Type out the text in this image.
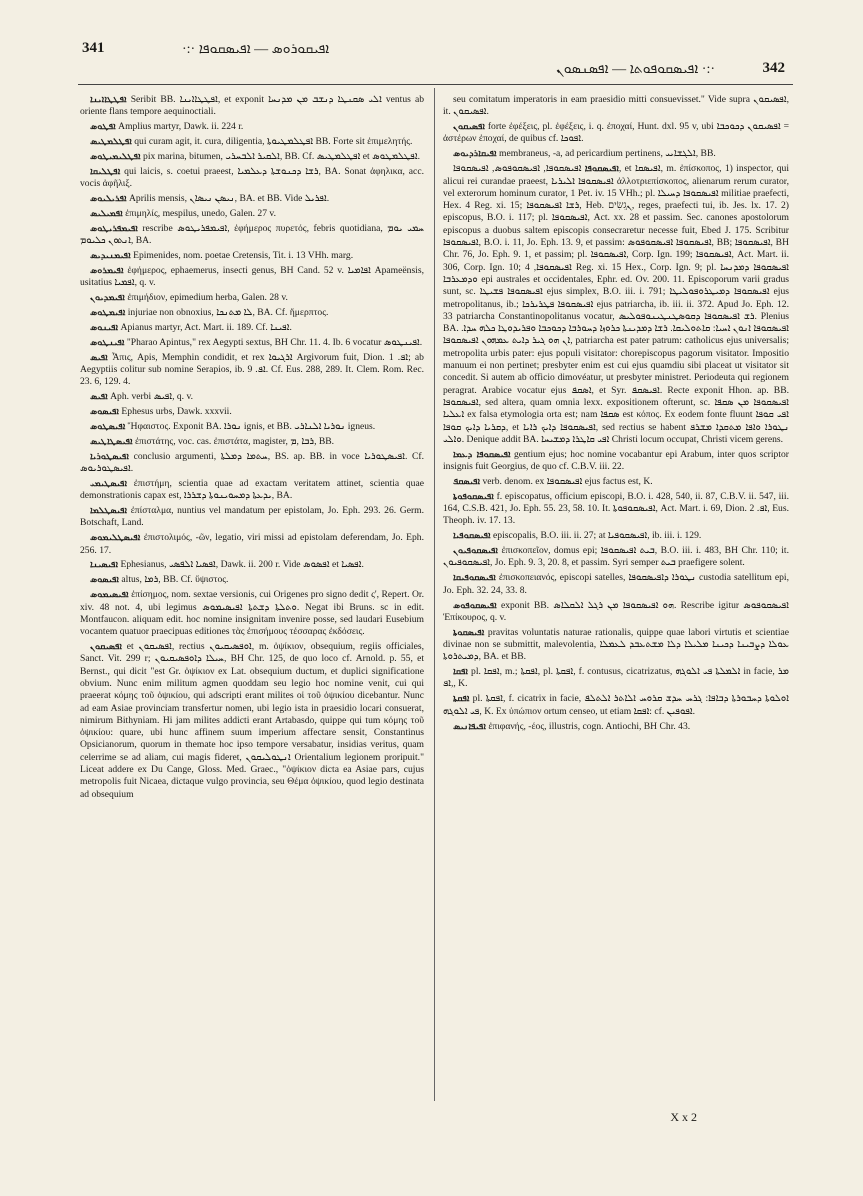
341	·:· ܐܦܝܩܘܪܘܣ — ܐܦܝܣܩܘܦܐ
ܐܦܝܣܩܘܦܘܬܐ — ܐܦܣܢܣܘܢ ·:·	342

ܐܦܛܛܐܐܝܢܐ Seribit BB. ܐܦܛܛܐܐܝܢܐ, et exponit ܐܠܝ ܣܩܢܛܐ ܕܢܫܒ ܡܢ ܡܕܢܚܐ ventus ab oriente flans tempore aequinoctiali.

ܐܦܛܘܣ Amplius martyr, Dawk. ii. 224 r.

ܐܦܛܠܡܛܝܣ qui curam agit, it. cura, diligentia, ܐܦܛܠܡܛܝܘܬܐ BB. Forte sit ἐπιμελητής.

ܐܦܛܠܝܡܝܛܘܣ pix marina, bitumen, ܐܠܩܝܪ ܐܠܒܚܪܝ, BB. Cf. ܐܦܛܠܡܛܝܣ et ܐܦܛܠܡܛܘܣ.

ܐܦܛܠܝܩܐ qui laicis, s. coetui praeest, ܪܫܐ ܕܟܢܘܫܬܐ ܕܥܠܡܝܐ, BA. Sonat ἀφηλικα, acc. vocis ἀφῆλιξ.

ܐܦܪܝܠܝܘܣ Aprilis mensis, ܢܝܣܢ ܢܝܣܐܢ, BA. et BB. Vide ܐܦܪܝܠ.

ܐܦܡܝܠܝܣ ἐπιμηλίς, mespilus, unedo, Galen. 27 v.

ܐܦܝܡܦܪܝܛܘܣ rescribe ܐܦܝܡܦܪܝܛܘܣ, ἐφήμερος πυρετός, febris quotidiana, ܚܡܝ ܝܘܡ ܐܢܬܘܢ ܟܠܝܘܡ, BA.

ܐܦܝܡܢܝܕܝܣ Epimenides, nom. poetae Cretensis, Tit. i. 13 VHh. marg.

ܐܦܝܡܪܘܣ ἐφήμερος, ephaemerus, insecti genus, BH Cand. 52 v. ܐܦܐܡܝܐ Apameënsis, usitatius ܐܦܡܝܐ, q. v.

ܐܦܝܡܕܝܘܢ ἐπιμήδιον, epimedium herba, Galen. 28 v.

ܐܦܝܡܛܘܣ injuriae non obnoxius, ܠܐ ܡܬܢܟܐ, BA. Cf. ἥμερπτος.

ܐܦܝܢܘܣ Apianus martyr, Act. Mart. ii. 189. Cf. ܐܦܝܢܐ.

ܐܦܝܢܛܘܣ "Pharao Apintus," rex Aegypti sextus, BH Chr. 11. 4. Ib. 6 vocatur ܐܦܝܢܛܘܣ.

ܐܦܝܣ Ἆπις, Apis, Memphin condidit, et rex ܐܪܓܝܘܐ Argivorum fuit, Dion. ܐܦ. 1; ab Aegyptiis colitur sub nomine Serapios, ib. ܐܦ. 9. Cf. Eus. 288, 289. It. Clem. Rom. Rec. 23. 6, 129. 4.

ܐܦܝܣ Aph. verbi ܐܦܝܣ, q. v.

ܐܦܝܣܘܣ Ephesus urbs, Dawk. xxxvii.

ܐܦܝܣܛܘܣ Ἥφαιστος. Exponit BA. ܢܘܪܐ ignis, et BB. ܢܘܪܝܐ ܐܠܢܐܪܝ igneus.

ܐܦܝܣܛܐܛܝܣ ἐπιστάτης, voc. cas. ἐπιστάτα, magister, ܪܒܐ ,ܡ, BB.

ܐܦܝܣܛܘܪܝܐ conclusio argumenti, ܚܬܡܐ ܕܡܠܬܐ, BS. ap. BB. in voce ܐܦܝܣܛܘܪܝܐ. Cf. ܐܦܝܣܛܘܪܝܘܣ.

ܐܦܝܣܛܝܡܝ ἐπιστήμη, scientia quae ad exactam veritatem attinet, scientia quae demonstrationis capax est, ܝܕܥܬܐ ܕܡܚܘܝܢܘܬܐ ܕܫܪܪܐ, BA.

ܐܦܝܣܛܠܡܐ ἐπίσταλμα, nuntius vel mandatum per epistolam, Jo. Eph. 293. 26. Germ. Botschaft, Land.

ܐܦܝܣܛܠܝܡܘܣ ἐπιστολιμός, -ῶν, legatio, viri missi ad epistolam deferendam, Jo. Eph. 256. 17.

ܐܦܝܣܝܢܐ Ephesianus, ܐܦܣܝܐ ܐܠܦܣܝ, Dawk. ii. 200 r. Vide ܐܦܣܘܣ et ܐܦܣܝܐ.

ܐܦܝܣܘܣ altus, ܪܡܐ, BB. Cf. ὕψιστος.

ܐܦܝܣܝܡܘܣ ἐπίσημος, nom. sextae versionis, cui Origenes pro signo dedit ς', Repert. Or. xiv. 48 not. 4, ubi legimus ܘܬܠܬܐ ܕܫܬܬܐ ܐܦܝܣܝܡܘܣ. Negat ibi Bruns. sc in edit. Montfaucon. aliquam edit. hoc nomine insignitam invenire posse, sed laudari Eusebium vocantem quatuor praecipuas editiones τὰς ἐπισήμους τέσσαρας ἐκδόσεις.

ܐܦܣܝܩܘܢ et ܐܦܣܝܩܘܢ, rectius ܐܘܦܣܝܩܝܘܢ, m. ὀψίκιον, obsequium, regiis officiales, Sanct. Vit. 299 r; ܚܝܠܐ ܕܐܘܦܣܝܩܝܘܢ, BH Chr. 125, de quo loco cf. Arnold. p. 55, et Bernst., qui dicit "est Gr. ὀψίκιον ex Lat. obsequium ductum, et duplici significatione obvium. Nunc enim militum agmen quoddam seu legio hoc nomine venit, cui qui praeerat κόμης τοῦ ὀψικίου, qui adscripti erant milites οἱ τοῦ ὀψικίου dicebantur. Nunc ad eam Asiae provinciam transfertur nomen, ubi legio ista in praesidio locari consuerat, nimirum Bithyniam. Hi jam milites addicti erant Artabasdo, quippe qui tum κόμης τοῦ ὀψικίου: quare, ubi hunc affinem suum imperium affectare sensit, Constantinus Opsicianorum, quorum in themate hoc ipso tempore versabatur, insidias veritus, quam celerrime se ad aliam, cui magis fideret, ܐܢܛܘܠܝܩܘܢ Orientalium legionem proripuit." Liceat addere ex Du Cange, Gloss. Med. Graec., "ὀψίκιον dicta ea Asiae pars, cujus metropolis fuit Nicaea, dictaque vulgo provincia, seu Θέμα ὀψικίου, quod legio destinata ad obsequium

seu comitatum imperatoris in eam praesidio mitti consuevisset." Vide supra ܐܦܣܝܩܘܢ, it. ܐܦܣܝܩܘܢ.

ܐܦܣܝܩܘܢ forte ἐφέξεις, pl. ἐφέξεις, i. q. ἐποχαί, Hunt. dxl. 95 v, ubi ܐܦܣܝܩܘܢ ܕܟܘܟܒܐ = ἀστέρων ἐποχαί, de quibus cf. ܐܦܘܟܐ.

ܐܦܝܩܐܪܕܝܘܣ membraneus, -a, ad pericardium pertinens, ܐܠܓܫܐܝܝ, BB.

ܐܦܝܣܩܘܦܐ ܐܦܝܣܩܘܦܐ, ܐܦܝܣܩܘܦܘܣ, ܐܦܝܣܩܘܦܐ, et ܐܦܝܣܩܐ, m. ἐπίσκοπος, 1) inspector, qui alicui rei curandae praeest, ܐܦܝܣܩܘܦܐ ܐܠܝܪܝܐ ἀλλοτριεπίσκοπος, alienarum rerum curator, vel exterorum hominum curator, 1 Pet. iv. 15 VHh.; pl. ܐܦܝܣܩܘܦܐ ܕܚܝܠܐ militiae praefecti, Hex. 4 Reg. xi. 15; ܪܫܐ ܐܦܝܣܩܘܦܐ, Heb. ܢְגִשִׂים, reges, praefecti tui, ib. Jes. lx. 17. 2) episcopus, B.O. i. 117; pl. ܐܦܝܣܩܘܦܐ, Act. xx. 28 et passim. Sec. canones apostolorum episcopus a duobus saltem episcopis consecraretur necesse fuit, Ebed J. 175. Scribitur ܐܦܝܣܩܘܦܐ, B.O. i. 11, Jo. Eph. 13. 9, et passim: ܐܦܝܣܩܘܦܐ ܐܦܝܣܩܘܦܘܣ, BB; ܐܦܝܣܩܘܦܐ, BH Chr. 76, Jo. Eph. 9. 1, et passim; pl. ܐܦܝܣܩܘܦܐ, Corp. Ign. 199; ܐܦܝܣܩܘܦܐ, Act. Mart. ii. 306, Corp. Ign. 10; ܐܦܝܣܩܘܦܐ, 4 Reg. xi. 15 Hex., Corp. Ign. 9; pl. ܐܦܝܣܩܘܦܐ ܕܡܕܢܚܐ ܘܕܡܥܪܒܐ epi australes et occidentales, Ephr. ed. Ov. 200. 11. Episcoporum varii gradus sunt, sc. ܐܦܝܣܩܘܦܐ ܦܫܝܛܐ ejus simplex, B.O. iii. i. 791; ܐܦܝܣܩܘܦܐ ܕܡܝܛܪܘܦܘܠܝܛܐ ejus metropolitanus, ib.; ܐܦܝܣܩܘܦܐ ܦܛܪܝܪܟܐ ejus patriarcha, ib. iii. ii. 372. Apud Jo. Eph. 12. 33 patriarcha Constantinopolitanus vocatur, ܪܫ ܐܦܝܣܩܘܦܐ ܕܩܘܣܛܢܛܝܢܘܦܘܠܝܣ. Plenius BA. ܐܦܝܣܩܘܦܐ ܐܢܘܢ ܐܚܝܐ: ܩܐܬܘܠܝܩܐ. ܪܫܐ ܕܡܕܝܢܬܐ ܟܪܘܙܐ ܕܚܘܪܒܐ ܕܟܘܟܒܐ ܘܦܪܝܕܘܛܐ ܟܠܗ ܚܕܐ. ܐܢ ܗܘ ܓܝܪ ܕܐܝܬ ܥܡܗܘܢ ܐܦܝܣܩܘܦܐ, patriarcha est pater patrum: catholicus ejus universalis; metropolita urbis pater: ejus populi visitator: chorepiscopus pagorum visitator. Impositio manuum ei non pertinet; presbyter enim est cui ejus quamdiu sibi placeat ut visitator sit concedit. Si autem ab officio dimovéatur, ut presbyter ministret. Periodeuta qui regionem peragrat. Arabice vocatur ejus ܐܣܩܦ, et Syr. ܐܦܝܣܩܦ. Recte exponit Hhon. ap. BB. ܐܦܝܣܩܘܦܐ, sed altera, quam omnia lexx. expositionem ofterunt, sc. ܐܦܝܣܩܘܦܐ ܡܢ ܣܩܦܐ ܐܥܠܝܐ ex falsa etymologia orta est; nam ܣܩܦܐ est κόπος. Ex eodem fonte fluunt ܐܦܝ ܩܘܦܐ ܕܩܪܝܐ ܕܐܝܟ ܩܘܦܐ, et ܐܦܝܣܩܘܦܐ ܕܐܝܟ ܪܐܝܐ, sed rectius se habent ܢܛܘܪܐ ܘܐܦܐ ܡܬܩܕܐ ܡܫܪܦ ܘܐܠܝ. Denique addit BA. ܐܦܝ ܩܐܛܪܐ ܕܡܫܝܚܐ Christi locum occupat, Christi vicem gerens.

ܐܦܝܣܩܘܦܐ ܕܥܡܐ gentium ejus; hoc nomine vocabantur epi Arabum, inter quos scriptor insignis fuit Georgius, de quo cf. C.B.V. iii. 22.

ܐܦܝܣܩܦ verb. denom. ex ܐܦܝܣܩܘܦܐ ejus factus est, K.

ܐܦܝܣܩܘܦܘܬܐ f. episcopatus, officium episcopi, B.O. i. 428, 540, ii. 87, C.B.V. ii. 547, iii. 164, C.S.B. 421, Jo. Eph. 55. 23, 58. 10. It. ܐܦܝܣܩܘܦܘܬܐ, Act. Mart. i. 69, Dion. ܐܦ. 2, Eus. Theoph. iv. 17. 13.

ܐܦܝܣܩܘܦܝܐ episcopalis, B.O. iii. ii. 27; at ܐܦܝܣܩܘܦܝܐ, ib. iii. i. 129.

ܐܦܝܣܩܘܦܝܘܢ ἐπισκοπεῖον, domus epi; ܒܝܬ ܐܦܝܣܩܘܦܐ, B.O. iii. i. 483, BH Chr. 110; it. ܐܦܝܣܩܘܦܝܘܢ, Jo. Eph. 9. 3, 20. 8, et passim. Syri semper ܒܝܬ praefigere solent.

ܐܦܝܣܩܘܦܝܩܐ ἐπισκοπειανός, episcopi satelles, ܢܛܘܪܐ ܕܐܦܝܣܩܘܦܐ custodia satellitum epi, Jo. Eph. 32. 24, 33. 8.

ܐܦܝܣܩܘܦܘܣ exponit BB. ܗܘ ܐܦܝܣܩܘܦܐ ܡܢ ܪܓܠ ܐܠܩܠܐܣ. Rescribe igitur ܐܦܝܣܩܘܦܘܣ Ἐπίκουρος, q. v.

ܐܦܝܣܩܘܬܐ pravitas voluntatis naturae rationalis, quippe quae labori virtutis et scientiae divinae non se submittit, malevolentia, ܥܘܠܐ ܕܨܒܝܢܐ ܕܟܝܢܐ ܡܠܝܠܐ ܕܠܐ ܡܫܬܥܒܕ ܠܥܡܠܐ ܕܡܝܬܪܘܬܐ, BA. et BB.

ܐܦܩܐ pl. ܐܦܩܐ, m.; ܐܦܩܬܐ, pl. ܐܦܩܬܐ, f. contusus, cicatrizatus, ܐܠܡܠܬܐ ܦܝ ܐܠܘܓܗ in facie, ܡܪ ,ܐܦ, K.

ܐܦܩܬܐ pl. ܐܦܩܬܐ, f. cicatrix in facie, ܐܘܠܘܬܐ ܕܚܒܘܪܬܐ ܕܒܐܦܐ: ܓܪܚ ܚܕܫ ܩܪܘܚ ܐܠܐܬܪ ܐܠܬܠܦ ܦܝ ܐܠܘܓܗ, K. Ex ὑπώπιον ortum censeo, ut etiam ܐܦܩܐ: cf. ܐܦܘܦܝܢ.

ܐܦܝܦܐܢܝܣ ἐπιφανής, -έος, illustris, cogn. Antiochi, BH Chr. 43.

X x 2
